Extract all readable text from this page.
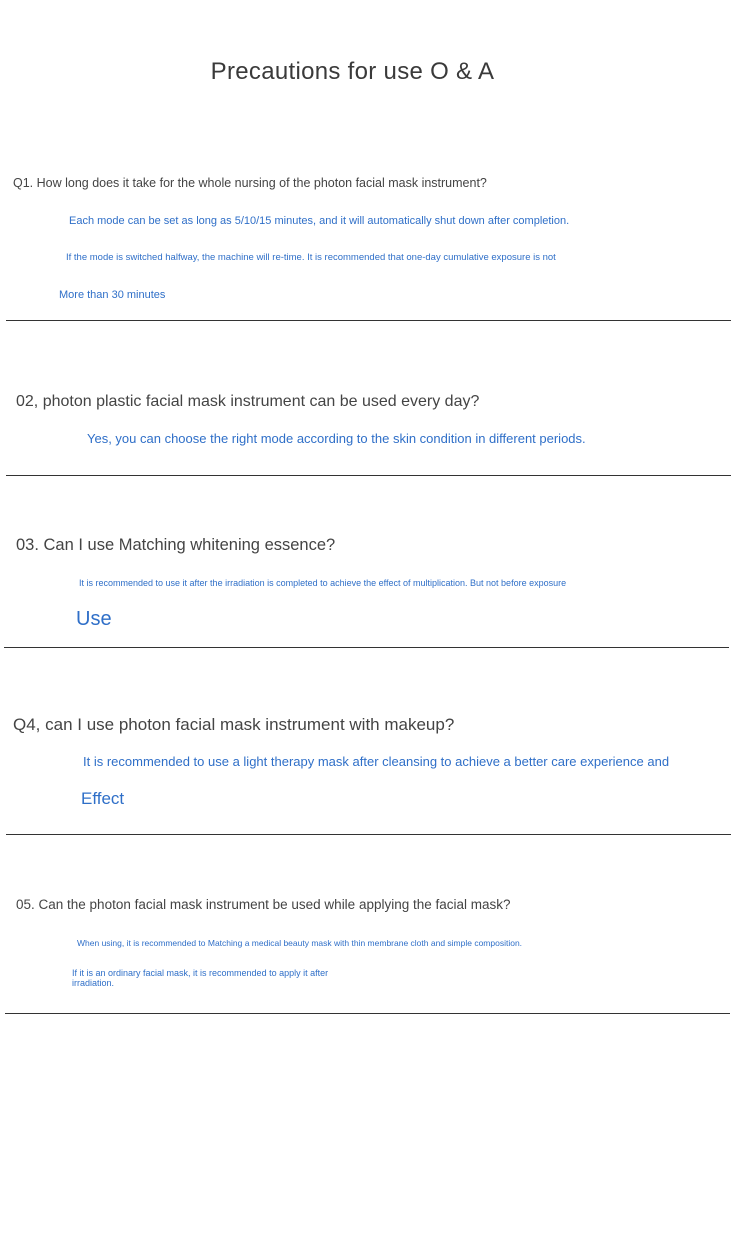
Precautions for use O & A
Q1. How long does it take for the whole nursing of the photon facial mask instrument?
Each mode can be set as long as 5/10/15 minutes, and it will automatically shut down after completion.
If the mode is switched halfway, the machine will re-time. It is recommended that one-day cumulative exposure is not
More than 30 minutes
02, photon plastic facial mask instrument can be used every day?
Yes, you can choose the right mode according to the skin condition in different periods.
03. Can I use Matching whitening essence?
It is recommended to use it after the irradiation is completed to achieve the effect of multiplication. But not before exposure
Use
Q4, can I use photon facial mask instrument with makeup?
It is recommended to use a light therapy mask after cleansing to achieve a better care experience and
Effect
05. Can the photon facial mask instrument be used while applying the facial mask?
When using, it is recommended to Matching a medical beauty mask with thin membrane cloth and simple composition.
If it is an ordinary facial mask, it is recommended to apply it after
irradiation.
